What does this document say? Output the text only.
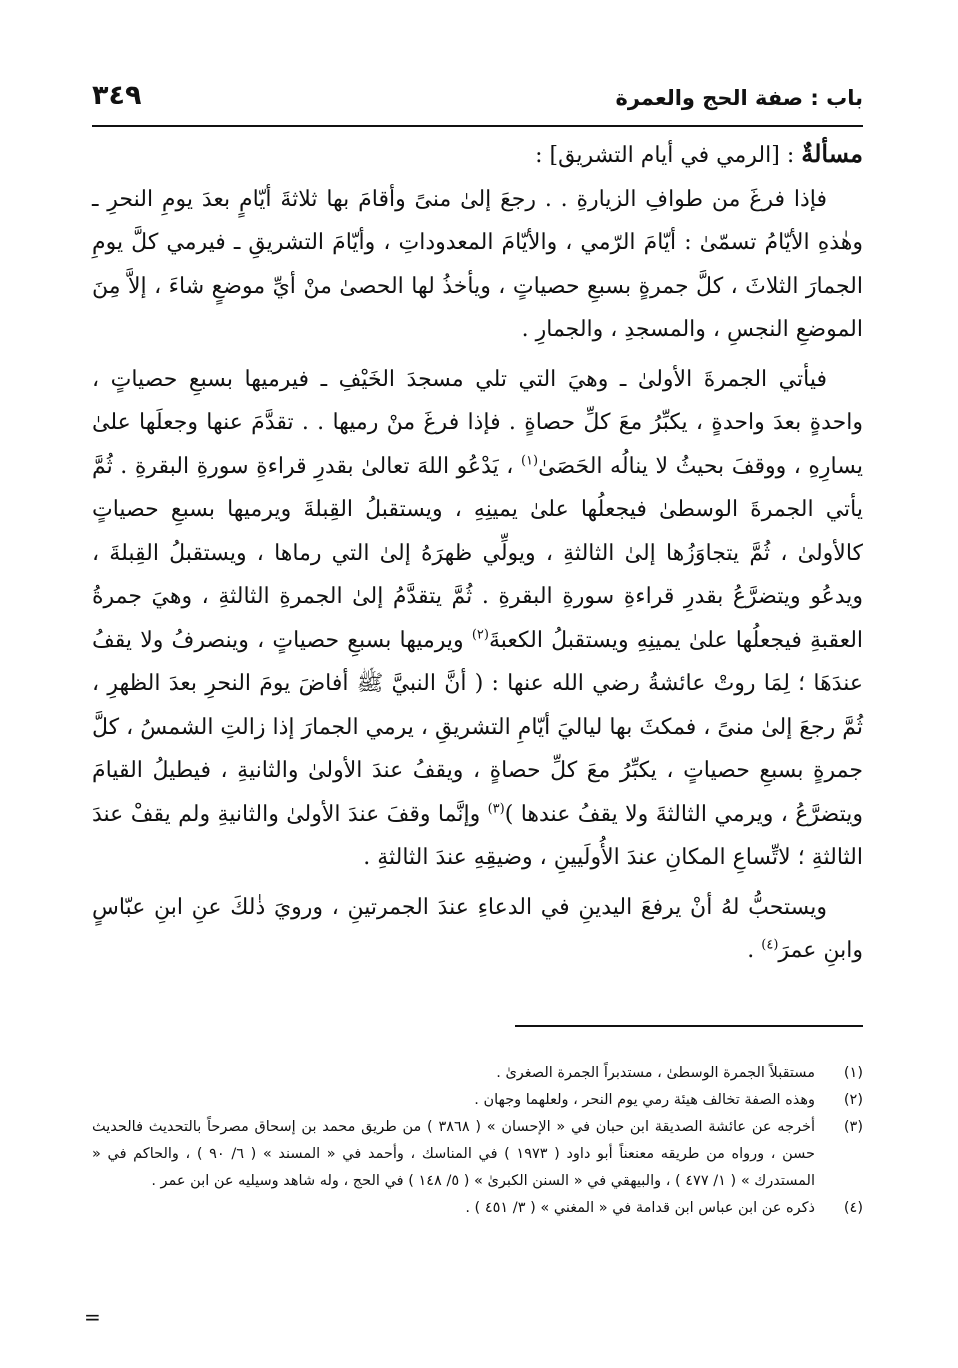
باب : صفة الحج والعمرة
٣٤٩

مسألةٌ : [الرمي في أيام التشريق] :

فإذا فرغَ من طوافِ الزيارةِ . . رجعَ إلىٰ منىً وأقامَ بها ثلاثةَ أيّامٍ بعدَ يومِ النحرِ ـ وهٰذهِ الأيّامُ تسمّىٰ : أيّامَ الرّمي ، والأيّامَ المعدوداتِ ، وأيّامَ التشريقِ ـ فيرمي كلَّ يومِ الجمارَ الثلاثَ ، كلَّ جمرةٍ بسبعِ حصياتٍ ، ويأخذُ لها الحصىٰ منْ أيِّ موضعٍ شاءَ ، إلاَّ مِنَ الموضعِ النجسِ ، والمسجدِ ، والجمارِ .

فيأتي الجمرةَ الأولىٰ ـ وهيَ التي تلي مسجدَ الخَيْفِ ـ فيرميها بسبعِ حصياتٍ ، واحدةٍ بعدَ واحدةٍ ، يكبِّرُ معَ كلِّ حصاةٍ . فإذا فرغَ منْ رميها . . تقدَّمَ عنها وجعلَها علىٰ يسارِهِ ، ووقفَ بحيثُ لا ينالُه الحَصَىٰ$^{(١)}$ ، يَدْعُو اللهَ تعالىٰ بقدرِ قراءةِ سورةِ البقرةِ . ثُمَّ يأتي الجمرةَ الوسطىٰ فيجعلُها علىٰ يمينِهِ ، ويستقبلُ القِبلةَ ويرميها بسبعِ حصياتٍ كالأولىٰ ، ثُمَّ يتجاوَزُها إلىٰ الثالثةِ ، ويولِّي ظهرَهُ إلىٰ التي رماها ، ويستقبلُ القِبلةَ ، ويدعُو ويتضرَّعُ بقدرِ قراءةِ سورةِ البقرةِ . ثُمَّ يتقدَّمُ إلىٰ الجمرةِ الثالثةِ ، وهيَ جمرةُ العقبةِ فيجعلُها علىٰ يمينِهِ ويستقبلُ الكعبةَ$^{(٢)}$ ويرميها بسبعِ حصياتٍ ، وينصرفُ ولا يقفُ عندَهَا ؛ لِمَا روتْ عائشةُ رضي الله عنها : ( أنَّ النبيَّ ﷺ أفاضَ يومَ النحرِ بعدَ الظهرِ ، ثُمَّ رجعَ إلىٰ منىً ، فمكثَ بها لياليَ أيّامِ التشريقِ ، يرمي الجمارَ إذا زالتِ الشمسُ ، كلَّ جمرةٍ بسبعِ حصياتٍ ، يكبِّرُ معَ كلِّ حصاةٍ ، ويقفُ عندَ الأولىٰ والثانيةِ ، فيطيلُ القيامَ ويتضرَّعُ ، ويرمي الثالثةَ ولا يقفُ عندها )$^{(٣)}$ وإنَّما وقفَ عندَ الأولىٰ والثانيةِ ولم يقفْ عندَ الثالثةِ ؛ لاتِّساعِ المكانِ عندَ الأُولَيينِ ، وضيقِهِ عندَ الثالثةِ .

ويستحبُّ لهُ أنْ يرفعَ اليدينِ في الدعاءِ عندَ الجمرتينِ ، ورويَ ذٰلكَ عنِ ابنِ عبّاسٍ وابنِ عمرَ$^{(٤)}$ .

(١)
مستقبلاً الجمرة الوسطىٰ ، مستدبراً الجمرة الصغرىٰ .
(٢)
وهذه الصفة تخالف هيئة رمي يوم النحر ، ولعلهما وجهان .
(٣)
أخرجه عن عائشة الصديقة ابن حبان في « الإحسان » ( ٣٨٦٨ ) من طريق محمد بن إسحاق مصرحاً بالتحديث فالحديث حسن ، ورواه من طريقه معنعناً أبو داود ( ١٩٧٣ ) في المناسك ، وأحمد في « المسند » ( ٦/ ٩٠ ) ، والحاكم في « المستدرك » ( ١/ ٤٧٧ ) ، والبيهقي في « السنن الكبرىٰ » ( ٥/ ١٤٨ ) في الحج ، وله شاهد وسيليه عن ابن عمر .
(٤)
ذكره عن ابن عباس ابن قدامة في « المغني » ( ٣/ ٤٥١ ) .
=
